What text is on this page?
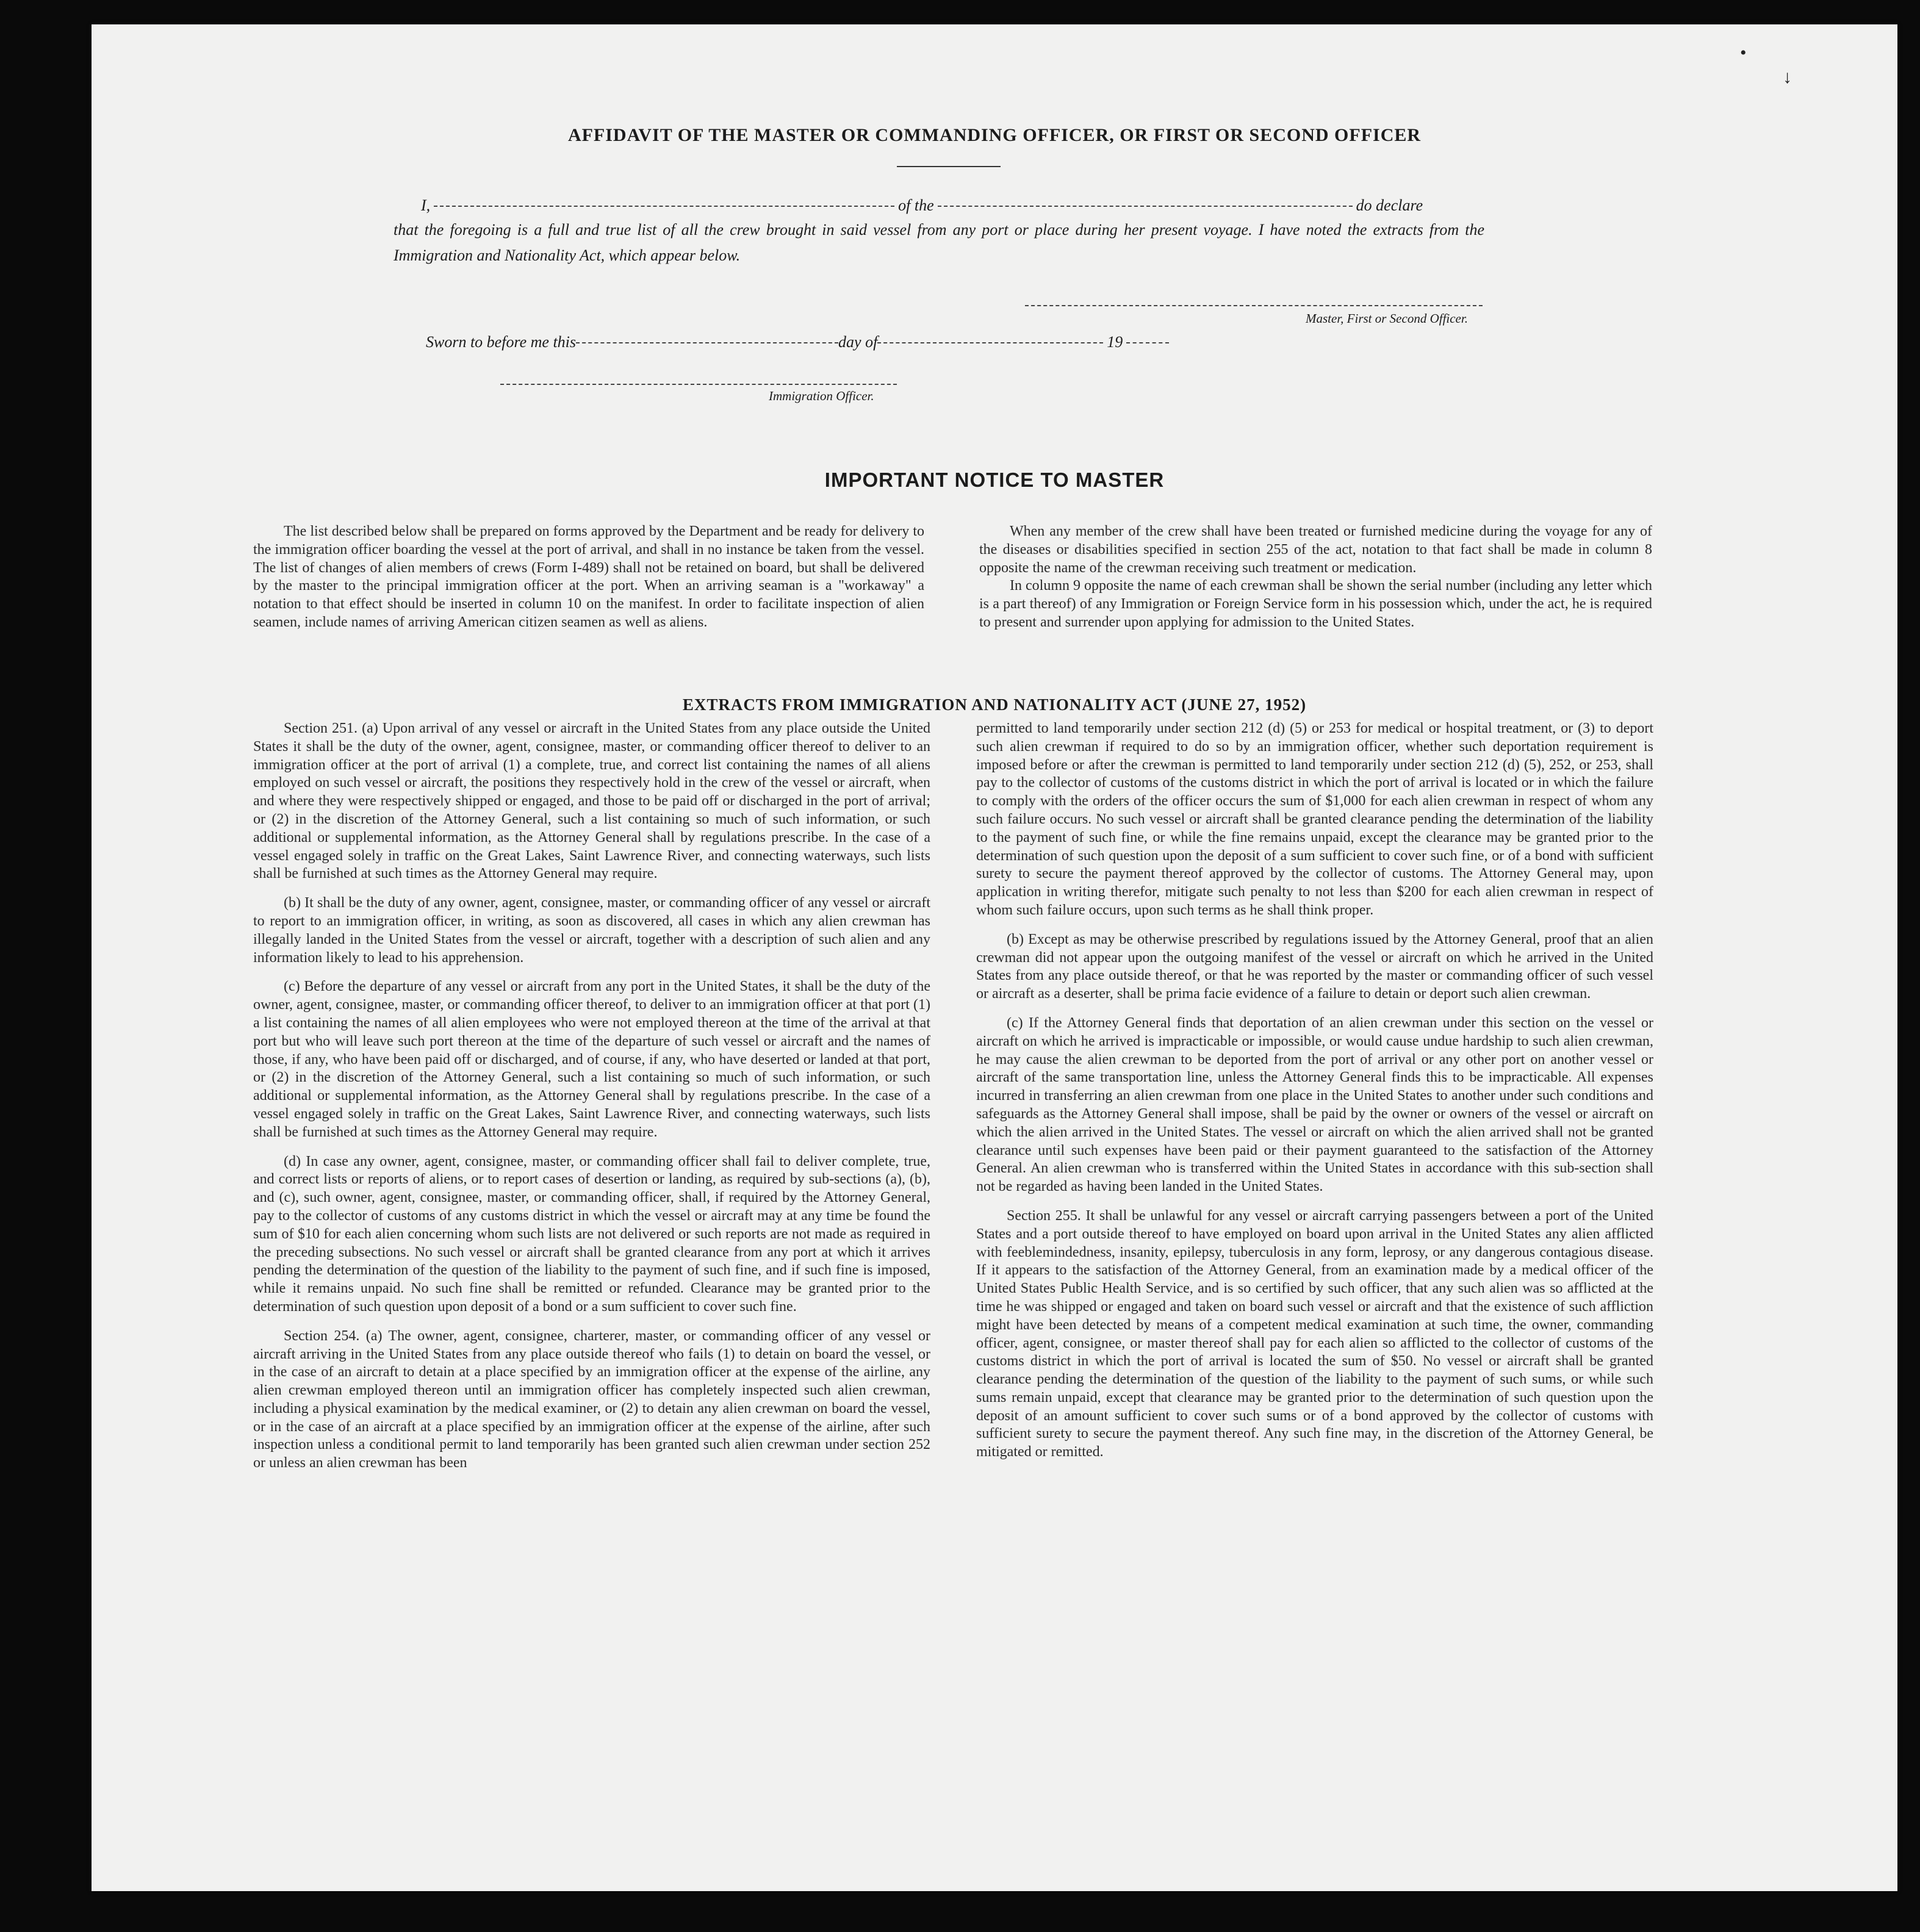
•
↓
AFFIDAVIT OF THE MASTER OR COMMANDING OFFICER, OR FIRST OR SECOND OFFICER
I,	of the	do declare
that the foregoing is a full and true list of all the crew brought in said vessel from any port or place during her present voyage. I have noted the extracts from the Immigration and Nationality Act, which appear below.
Master, First or Second Officer.
Sworn to before me this	day of	19
Immigration Officer.
IMPORTANT NOTICE TO MASTER

The list described below shall be prepared on forms approved by the Department and be ready for delivery to the immigration officer boarding the vessel at the port of arrival, and shall in no instance be taken from the vessel. The list of changes of alien members of crews (Form I-489) shall not be retained on board, but shall be delivered by the master to the principal immigration officer at the port. When an arriving seaman is a "workaway" a notation to that effect should be inserted in column 10 on the manifest. In order to facilitate inspection of alien seamen, include names of arriving American citizen seamen as well as aliens.

When any member of the crew shall have been treated or furnished medicine during the voyage for any of the diseases or disabilities specified in section 255 of the act, notation to that fact shall be made in column 8 opposite the name of the crewman receiving such treatment or medication.

In column 9 opposite the name of each crewman shall be shown the serial number (including any letter which is a part thereof) of any Immigration or Foreign Service form in his possession which, under the act, he is required to present and surrender upon applying for admission to the United States.

EXTRACTS FROM IMMIGRATION AND NATIONALITY ACT (JUNE 27, 1952)

Section 251. (a) Upon arrival of any vessel or aircraft in the United States from any place outside the United States it shall be the duty of the owner, agent, consignee, master, or commanding officer thereof to deliver to an immigration officer at the port of arrival (1) a complete, true, and correct list containing the names of all aliens employed on such vessel or aircraft, the positions they respectively hold in the crew of the vessel or aircraft, when and where they were respectively shipped or engaged, and those to be paid off or discharged in the port of arrival; or (2) in the discretion of the Attorney General, such a list containing so much of such information, or such additional or supplemental information, as the Attorney General shall by regulations prescribe. In the case of a vessel engaged solely in traffic on the Great Lakes, Saint Lawrence River, and connecting waterways, such lists shall be furnished at such times as the Attorney General may require.

(b) It shall be the duty of any owner, agent, consignee, master, or commanding officer of any vessel or aircraft to report to an immigration officer, in writing, as soon as discovered, all cases in which any alien crewman has illegally landed in the United States from the vessel or aircraft, together with a description of such alien and any information likely to lead to his apprehension.

(c) Before the departure of any vessel or aircraft from any port in the United States, it shall be the duty of the owner, agent, consignee, master, or commanding officer thereof, to deliver to an immigration officer at that port (1) a list containing the names of all alien employees who were not employed thereon at the time of the arrival at that port but who will leave such port thereon at the time of the departure of such vessel or aircraft and the names of those, if any, who have been paid off or discharged, and of course, if any, who have deserted or landed at that port, or (2) in the discretion of the Attorney General, such a list containing so much of such information, or such additional or supplemental information, as the Attorney General shall by regulations prescribe. In the case of a vessel engaged solely in traffic on the Great Lakes, Saint Lawrence River, and connecting waterways, such lists shall be furnished at such times as the Attorney General may require.

(d) In case any owner, agent, consignee, master, or commanding officer shall fail to deliver complete, true, and correct lists or reports of aliens, or to report cases of desertion or landing, as required by sub-sections (a), (b), and (c), such owner, agent, consignee, master, or commanding officer, shall, if required by the Attorney General, pay to the collector of customs of any customs district in which the vessel or aircraft may at any time be found the sum of $10 for each alien concerning whom such lists are not delivered or such reports are not made as required in the preceding subsections. No such vessel or aircraft shall be granted clearance from any port at which it arrives pending the determination of the question of the liability to the payment of such fine, and if such fine is imposed, while it remains unpaid. No such fine shall be remitted or refunded. Clearance may be granted prior to the determination of such question upon deposit of a bond or a sum sufficient to cover such fine.

Section 254. (a) The owner, agent, consignee, charterer, master, or commanding officer of any vessel or aircraft arriving in the United States from any place outside thereof who fails (1) to detain on board the vessel, or in the case of an aircraft to detain at a place specified by an immigration officer at the expense of the airline, any alien crewman employed thereon until an immigration officer has completely inspected such alien crewman, including a physical examination by the medical examiner, or (2) to detain any alien crewman on board the vessel, or in the case of an aircraft at a place specified by an immigration officer at the expense of the airline, after such inspection unless a conditional permit to land temporarily has been granted such alien crewman under section 252 or unless an alien crewman has been

permitted to land temporarily under section 212 (d) (5) or 253 for medical or hospital treatment, or (3) to deport such alien crewman if required to do so by an immigration officer, whether such deportation requirement is imposed before or after the crewman is permitted to land temporarily under section 212 (d) (5), 252, or 253, shall pay to the collector of customs of the customs district in which the port of arrival is located or in which the failure to comply with the orders of the officer occurs the sum of $1,000 for each alien crewman in respect of whom any such failure occurs. No such vessel or aircraft shall be granted clearance pending the determination of the liability to the payment of such fine, or while the fine remains unpaid, except the clearance may be granted prior to the determination of such question upon the deposit of a sum sufficient to cover such fine, or of a bond with sufficient surety to secure the payment thereof approved by the collector of customs. The Attorney General may, upon application in writing therefor, mitigate such penalty to not less than $200 for each alien crewman in respect of whom such failure occurs, upon such terms as he shall think proper.

(b) Except as may be otherwise prescribed by regulations issued by the Attorney General, proof that an alien crewman did not appear upon the outgoing manifest of the vessel or aircraft on which he arrived in the United States from any place outside thereof, or that he was reported by the master or commanding officer of such vessel or aircraft as a deserter, shall be prima facie evidence of a failure to detain or deport such alien crewman.

(c) If the Attorney General finds that deportation of an alien crewman under this section on the vessel or aircraft on which he arrived is impracticable or impossible, or would cause undue hardship to such alien crewman, he may cause the alien crewman to be deported from the port of arrival or any other port on another vessel or aircraft of the same transportation line, unless the Attorney General finds this to be impracticable. All expenses incurred in transferring an alien crewman from one place in the United States to another under such conditions and safeguards as the Attorney General shall impose, shall be paid by the owner or owners of the vessel or aircraft on which the alien arrived in the United States. The vessel or aircraft on which the alien arrived shall not be granted clearance until such expenses have been paid or their payment guaranteed to the satisfaction of the Attorney General. An alien crewman who is transferred within the United States in accordance with this sub-section shall not be regarded as having been landed in the United States.

Section 255. It shall be unlawful for any vessel or aircraft carrying passengers between a port of the United States and a port outside thereof to have employed on board upon arrival in the United States any alien afflicted with feeblemindedness, insanity, epilepsy, tuberculosis in any form, leprosy, or any dangerous contagious disease. If it appears to the satisfaction of the Attorney General, from an examination made by a medical officer of the United States Public Health Service, and is so certified by such officer, that any such alien was so afflicted at the time he was shipped or engaged and taken on board such vessel or aircraft and that the existence of such affliction might have been detected by means of a competent medical examination at such time, the owner, commanding officer, agent, consignee, or master thereof shall pay for each alien so afflicted to the collector of customs of the customs district in which the port of arrival is located the sum of $50. No vessel or aircraft shall be granted clearance pending the determination of the question of the liability to the payment of such sums, or while such sums remain unpaid, except that clearance may be granted prior to the determination of such question upon the deposit of an amount sufficient to cover such sums or of a bond approved by the collector of customs with sufficient surety to secure the payment thereof. Any such fine may, in the discretion of the Attorney General, be mitigated or remitted.
